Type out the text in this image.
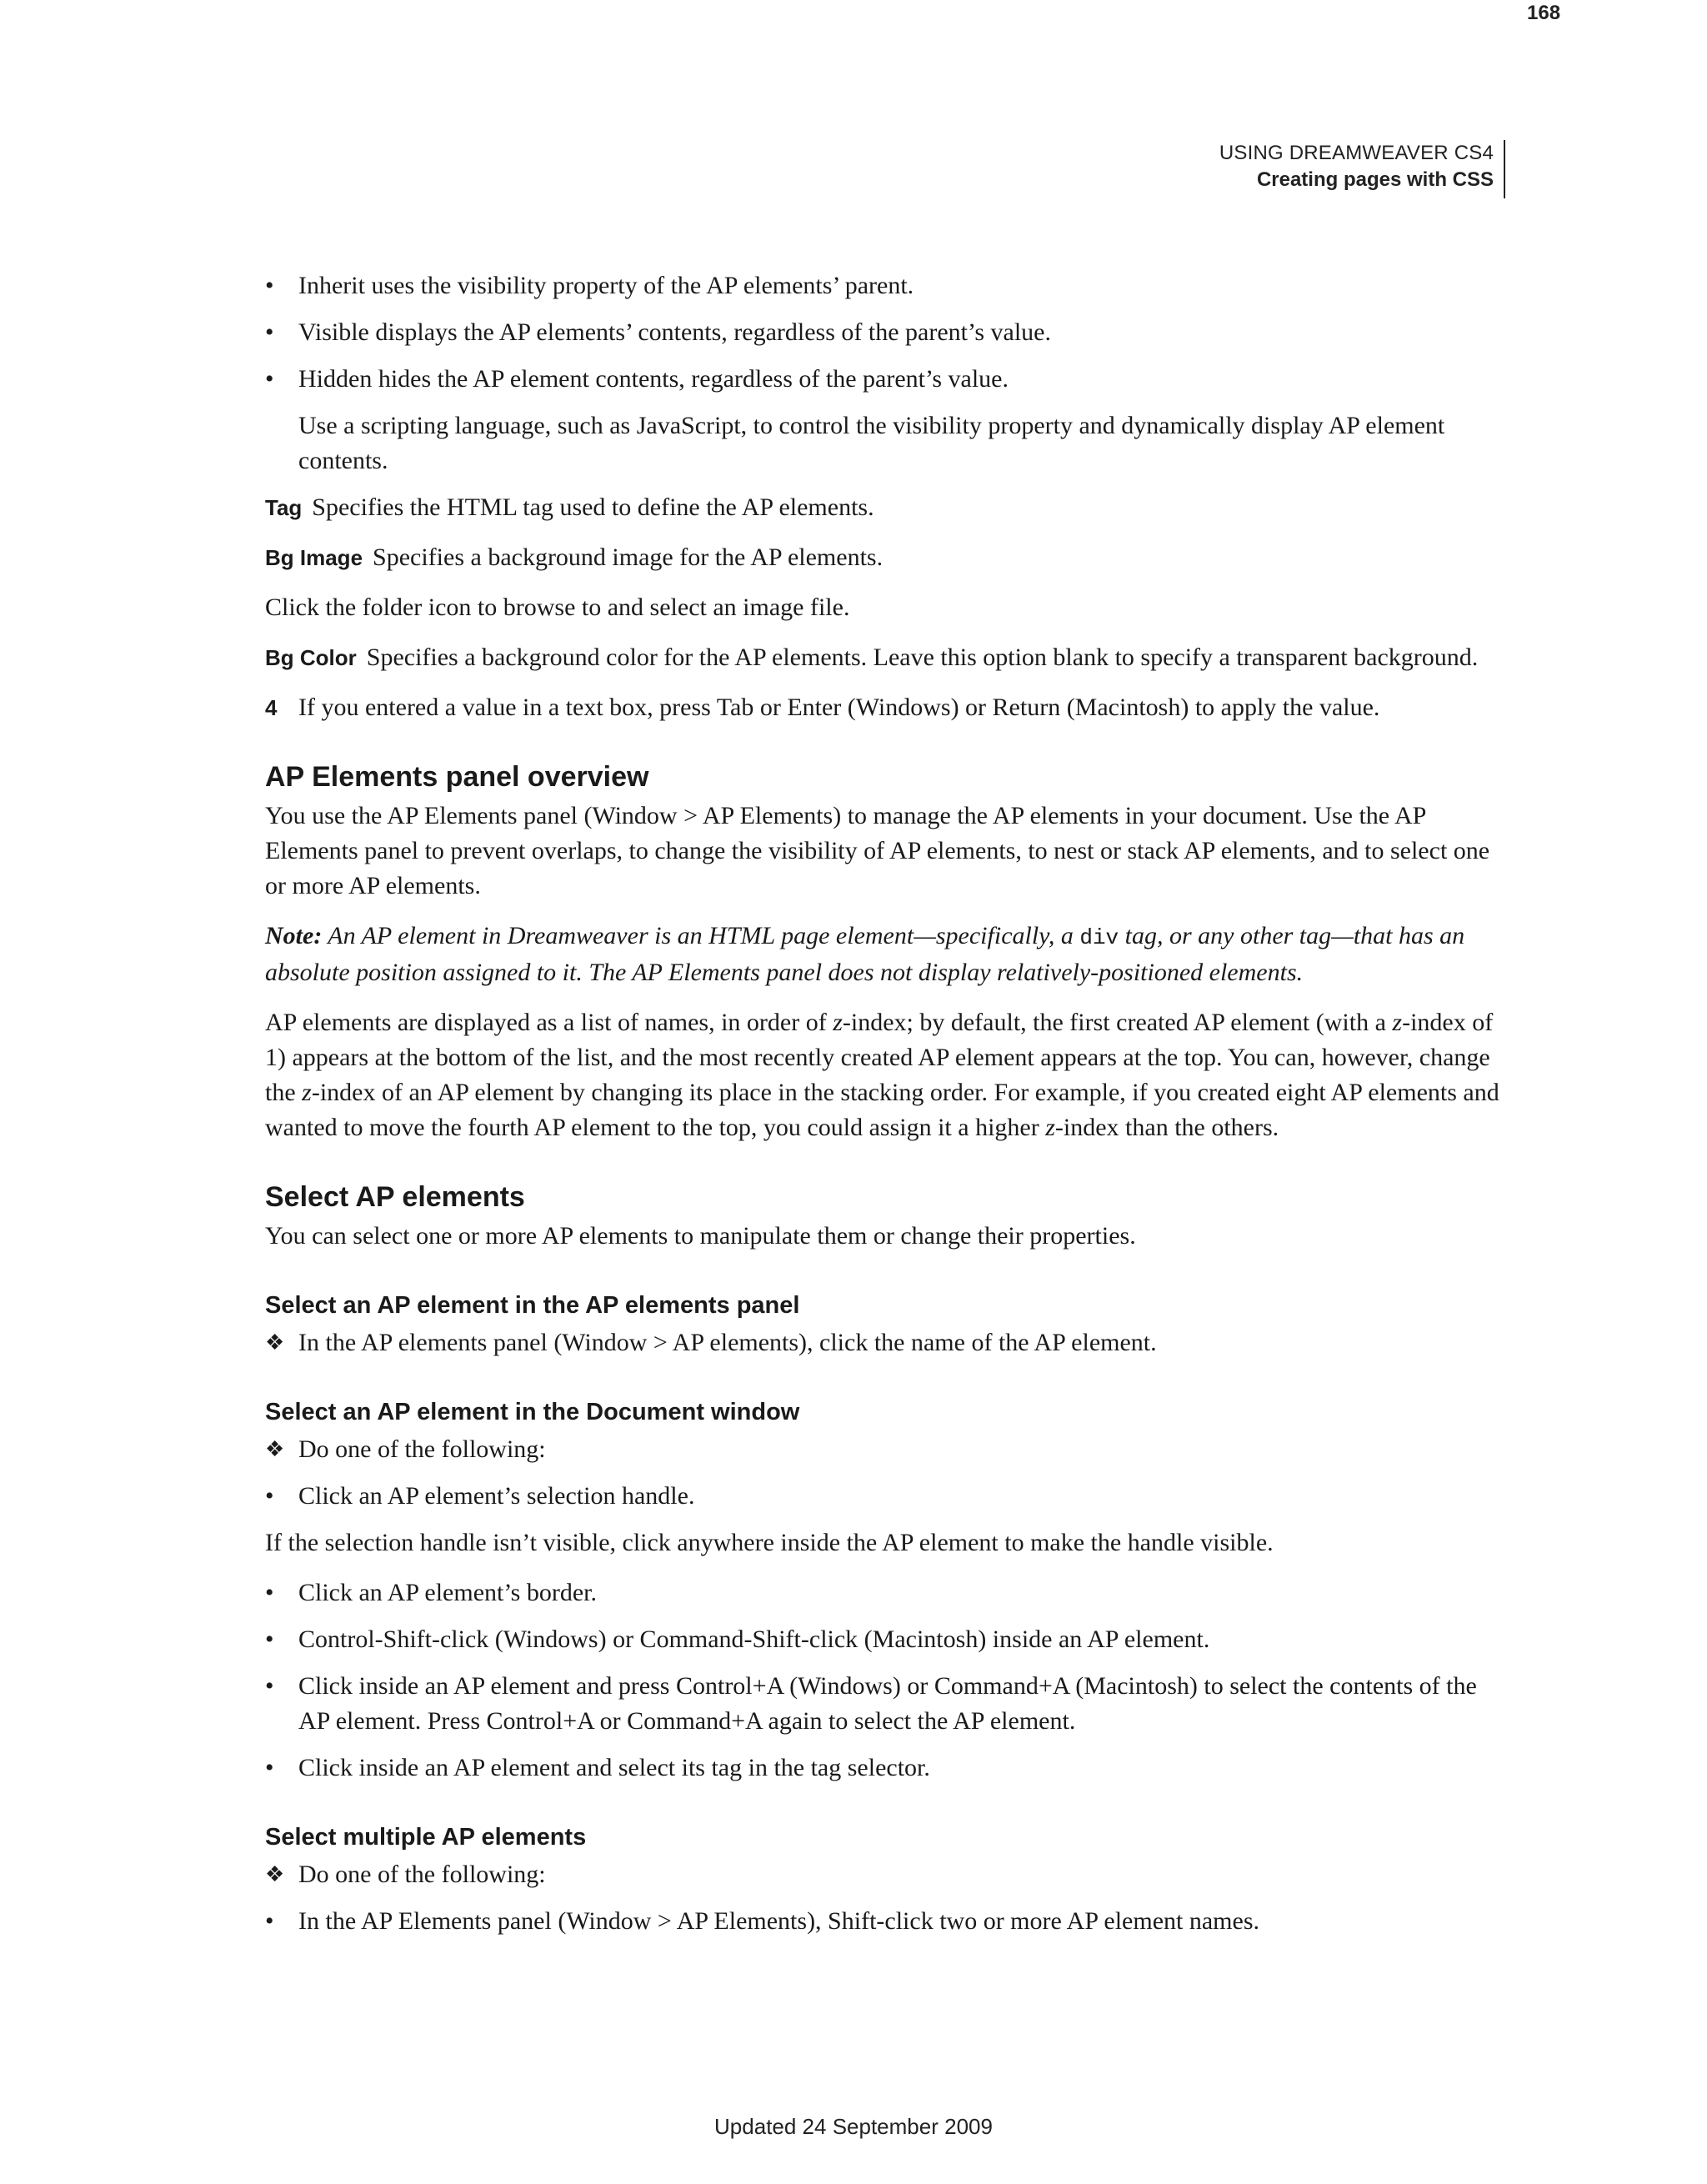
USING DREAMWEAVER CS4
Creating pages with CSS
168

• Inherit uses the visibility property of the AP elements’ parent.

• Visible displays the AP elements’ contents, regardless of the parent’s value.

• Hidden hides the AP element contents, regardless of the parent’s value.

Use a scripting language, such as JavaScript, to control the visibility property and dynamically display AP element contents.

Tag Specifies the HTML tag used to define the AP elements.

Bg Image Specifies a background image for the AP elements.

Click the folder icon to browse to and select an image file.

Bg Color Specifies a background color for the AP elements. Leave this option blank to specify a transparent background.

4 If you entered a value in a text box, press Tab or Enter (Windows) or Return (Macintosh) to apply the value.

AP Elements panel overview

You use the AP Elements panel (Window > AP Elements) to manage the AP elements in your document. Use the AP Elements panel to prevent overlaps, to change the visibility of AP elements, to nest or stack AP elements, and to select one or more AP elements.

Note: An AP element in Dreamweaver is an HTML page element—specifically, a div tag, or any other tag—that has an absolute position assigned to it. The AP Elements panel does not display relatively-positioned elements.

AP elements are displayed as a list of names, in order of z-index; by default, the first created AP element (with a z-index of 1) appears at the bottom of the list, and the most recently created AP element appears at the top. You can, however, change the z-index of an AP element by changing its place in the stacking order. For example, if you created eight AP elements and wanted to move the fourth AP element to the top, you could assign it a higher z-index than the others.

Select AP elements

You can select one or more AP elements to manipulate them or change their properties.

Select an AP element in the AP elements panel

❖ In the AP elements panel (Window > AP elements), click the name of the AP element.

Select an AP element in the Document window

❖ Do one of the following:

• Click an AP element’s selection handle.

If the selection handle isn’t visible, click anywhere inside the AP element to make the handle visible.

• Click an AP element’s border.

• Control-Shift-click (Windows) or Command-Shift-click (Macintosh) inside an AP element.

• Click inside an AP element and press Control+A (Windows) or Command+A (Macintosh) to select the contents of the AP element. Press Control+A or Command+A again to select the AP element.

• Click inside an AP element and select its tag in the tag selector.

Select multiple AP elements

❖ Do one of the following:

• In the AP Elements panel (Window > AP Elements), Shift-click two or more AP element names.

Updated 24 September 2009
